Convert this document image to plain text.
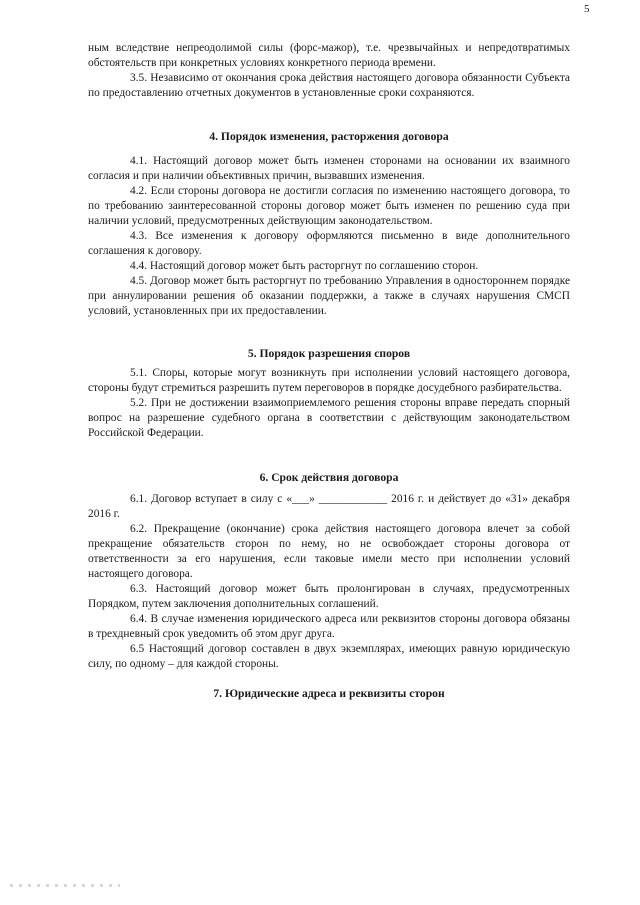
5

ным вследствие непреодолимой силы (форс-мажор), т.е. чрезвычайных и непредотвратимых обстоятельств при конкретных условиях конкретного периода времени.

3.5. Независимо от окончания срока действия настоящего договора обязанности Субъекта по предоставлению отчетных документов в установленные сроки сохраняются.

4. Порядок изменения, расторжения договора

4.1. Настоящий договор может быть изменен сторонами на основании их взаимного согласия и при наличии объективных причин, вызвавших изменения.

4.2. Если стороны договора не достигли согласия по изменению настоящего договора, то по требованию заинтересованной стороны договор может быть изменен по решению суда при наличии условий, предусмотренных действующим законодательством.

4.3. Все изменения к договору оформляются письменно в виде дополнительного соглашения к договору.

4.4. Настоящий договор может быть расторгнут по соглашению сторон.

4.5. Договор может быть расторгнут по требованию Управления в одностороннем порядке при аннулировании решения об оказании поддержки, а также в случаях нарушения СМСП условий, установленных при их предоставлении.

5. Порядок разрешения споров

5.1. Споры, которые могут возникнуть при исполнении условий настоящего договора, стороны будут стремиться разрешить путем переговоров в порядке досудебного разбирательства.

5.2. При не достижении взаимоприемлемого решения стороны вправе передать спорный вопрос на разрешение судебного органа в соответствии с действующим законодательством Российской Федерации.

6. Срок действия договора

6.1. Договор вступает в силу с «___» ____________ 2016 г. и действует до «31» декабря 2016 г.

6.2. Прекращение (окончание) срока действия настоящего договора влечет за собой прекращение обязательств сторон по нему, но не освобождает стороны договора от ответственности за его нарушения, если таковые имели место при исполнении условий настоящего договора.

6.3. Настоящий договор может быть пролонгирован в случаях, предусмотренных Порядком, путем заключения дополнительных соглашений.

6.4. В случае изменения юридического адреса или реквизитов стороны договора обязаны в трехдневный срок уведомить об этом друг друга.

6.5 Настоящий договор составлен в двух экземплярах, имеющих равную юридическую силу, по одному – для каждой стороны.

7. Юридические адреса и реквизиты сторон
